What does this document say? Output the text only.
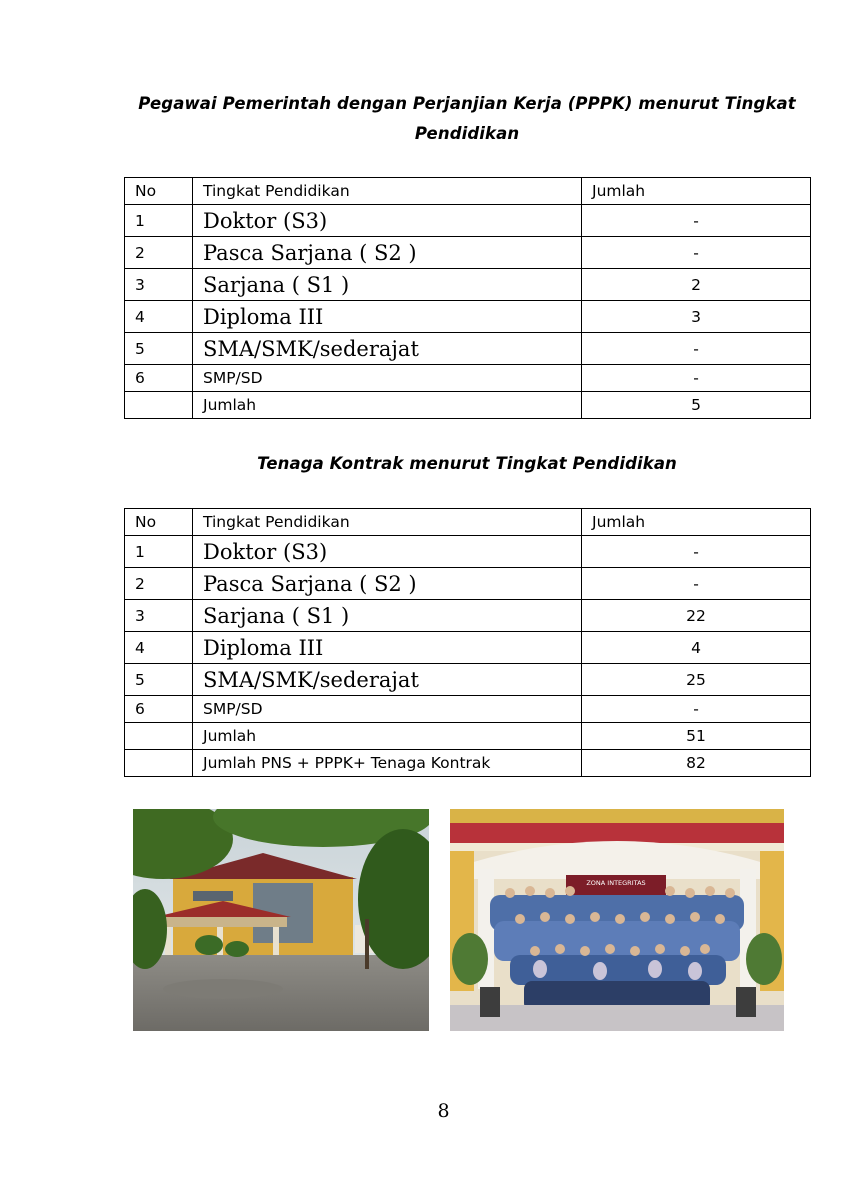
Pegawai Pemerintah dengan Perjanjian Kerja (PPPK) menurut Tingkat Pendidikan
No	Tingkat Pendidikan	Jumlah
1	Doktor (S3)	-
2	Pasca Sarjana ( S2 )	-
3	Sarjana ( S1 )	2
4	Diploma III	3
5	SMA/SMK/sederajat	-
6	SMP/SD	-
	Jumlah	5
Tenaga Kontrak menurut Tingkat Pendidikan
No	Tingkat Pendidikan	Jumlah
1	Doktor (S3)	-
2	Pasca Sarjana ( S2 )	-
3	Sarjana ( S1 )	22
4	Diploma III	4
5	SMA/SMK/sederajat	25
6	SMP/SD	-
	Jumlah	51
	Jumlah PNS + PPPK+ Tenaga Kontrak	82
ZONA INTEGRITAS
8
